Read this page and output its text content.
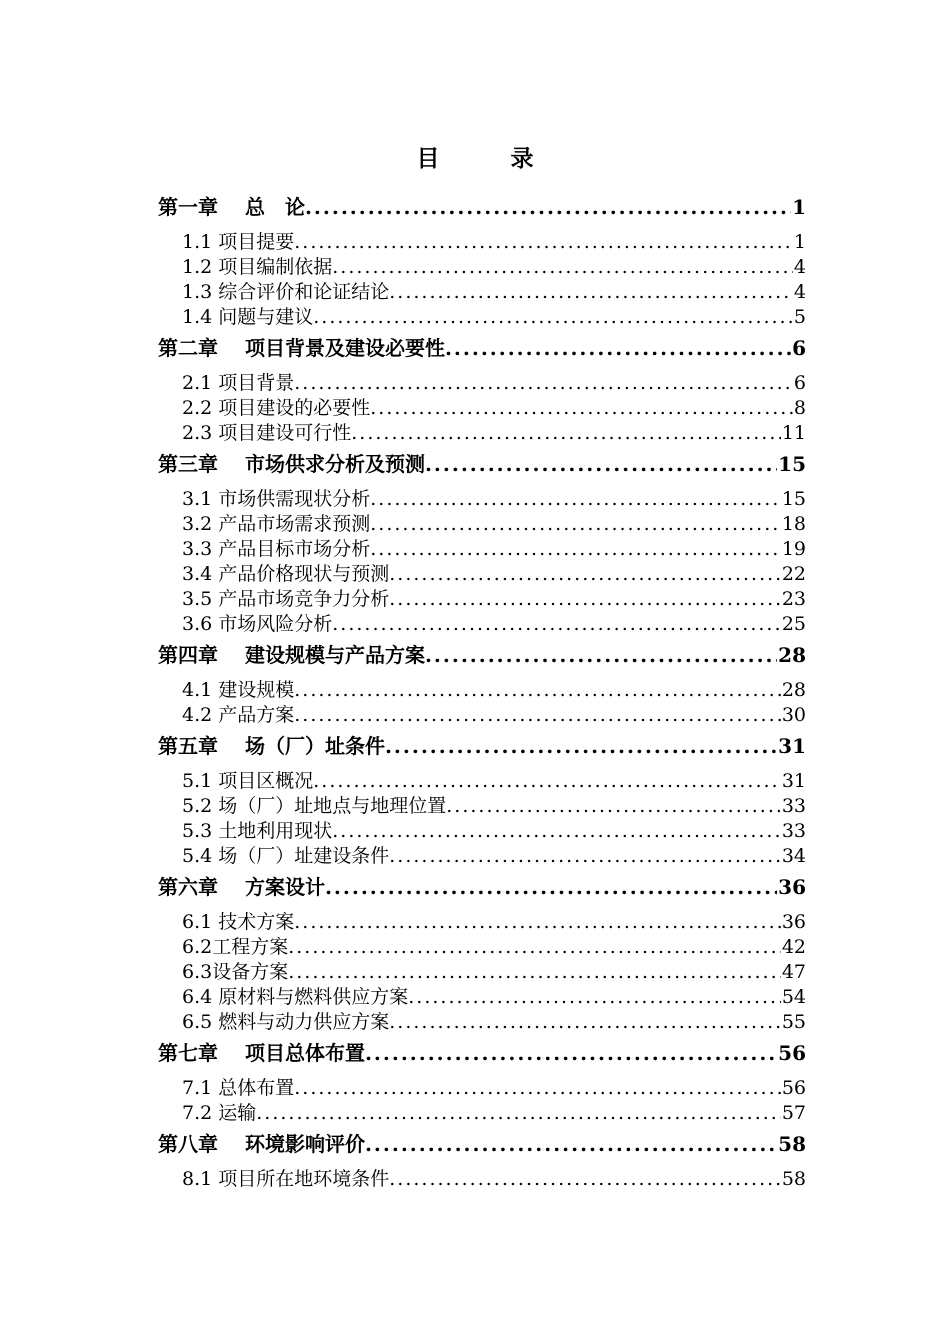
目　录
第一章　 总　论 .....	1
1.1 项目提要 .....	1
1.2 项目编制依据 .....	4
1.3 综合评价和论证结论 .....	4
1.4 问题与建议 .....	5
第二章　 项目背景及建设必要性 .....	6
2.1 项目背景 .....	6
2.2 项目建设的必要性 .....	8
2.3 项目建设可行性 .....	11
第三章　 市场供求分析及预测 .....	15
3.1 市场供需现状分析 .....	15
3.2 产品市场需求预测 .....	18
3.3 产品目标市场分析 .....	19
3.4 产品价格现状与预测 .....	22
3.5 产品市场竞争力分析 .....	23
3.6 市场风险分析 .....	25
第四章　 建设规模与产品方案 .....	28
4.1 建设规模 .....	28
4.2 产品方案 .....	30
第五章　 场（厂）址条件 .....	31
5.1 项目区概况 .....	31
5.2 场（厂）址地点与地理位置 .....	33
5.3 土地利用现状 .....	33
5.4 场（厂）址建设条件 .....	34
第六章　 方案设计 .....	36
6.1 技术方案 .....	36
6.2工程方案 .....	42
6.3设备方案 .....	47
6.4 原材料与燃料供应方案 .....	54
6.5 燃料与动力供应方案 .....	55
第七章　 项目总体布置 .....	56
7.1 总体布置 .....	56
7.2 运输 .....	57
第八章　 环境影响评价 .....	58
8.1 项目所在地环境条件 .....	58
